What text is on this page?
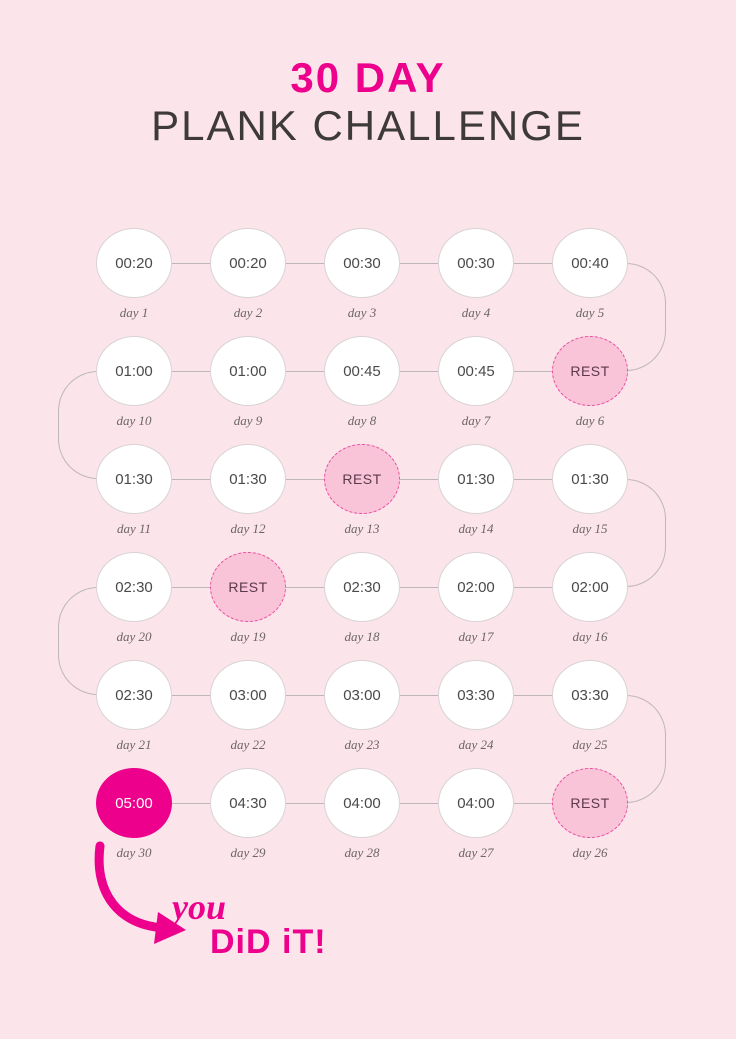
30 DAY
PLANK CHALLENGE
00:20
day 1
00:20
day 2
00:30
day 3
00:30
day 4
00:40
day 5
01:00
day 10
01:00
day 9
00:45
day 8
00:45
day 7
REST
day 6
01:30
day 11
01:30
day 12
REST
day 13
01:30
day 14
01:30
day 15
02:30
day 20
REST
day 19
02:30
day 18
02:00
day 17
02:00
day 16
02:30
day 21
03:00
day 22
03:00
day 23
03:30
day 24
03:30
day 25
05:00
day 30
04:30
day 29
04:00
day 28
04:00
day 27
REST
day 26
you
DiD iT!
